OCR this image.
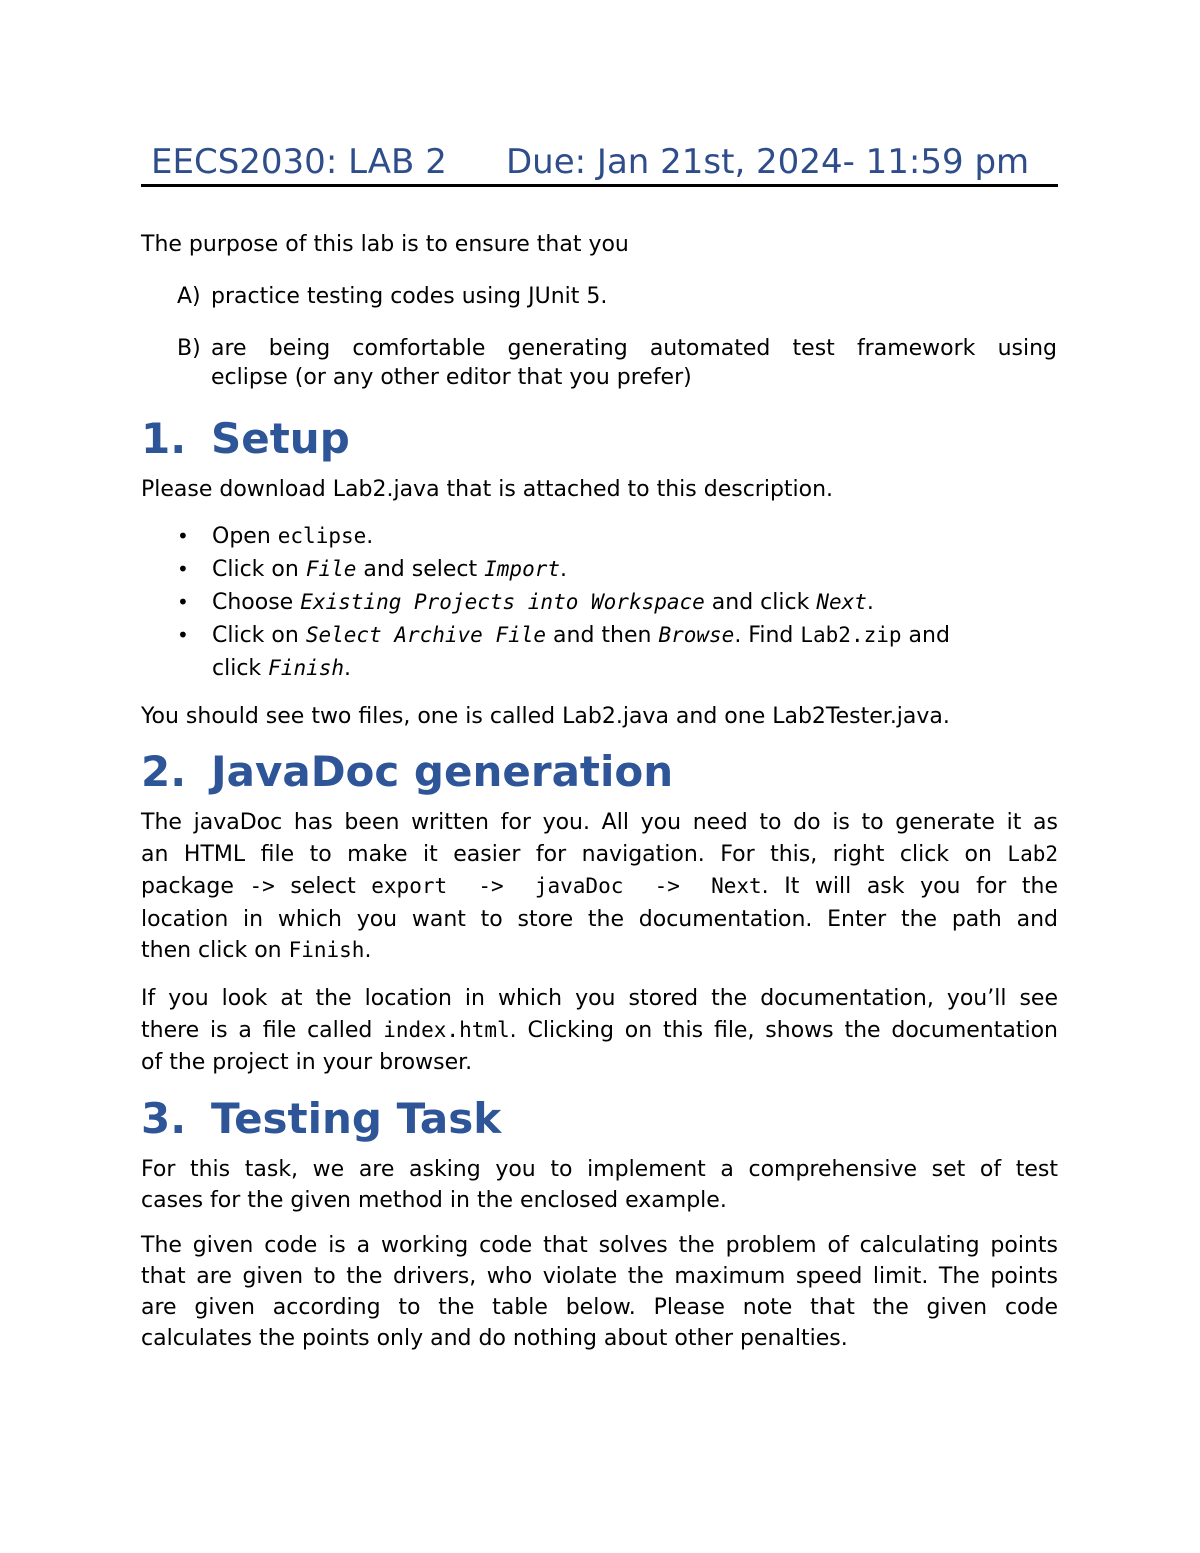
EECS2030: LAB 2 Due: Jan 21st, 2024- 11:59 pm
The purpose of this lab is to ensure that you
A) practice testing codes using JUnit 5.
B) are being comfortable generating automated test framework using
eclipse (or any other editor that you prefer)
1. Setup
Please download Lab2.java that is attached to this description.
• Open eclipse.
• Click on File and select Import.
• Choose Existing Projects into Workspace and click Next.
• Click on Select Archive File and then Browse. Find Lab2.zip and
click Finish.
You should see two files, one is called Lab2.java and one Lab2Tester.java.
2. JavaDoc generation
The javaDoc has been written for you. All you need to do is to generate it as
an HTML file to make it easier for navigation. For this, right click on Lab2
package -> select export -> javaDoc -> Next. It will ask you for the
location in which you want to store the documentation. Enter the path and
then click on Finish.
If you look at the location in which you stored the documentation, you’ll see
there is a file called index.html. Clicking on this file, shows the documentation
of the project in your browser.
3. Testing Task
For this task, we are asking you to implement a comprehensive set of test
cases for the given method in the enclosed example.
The given code is a working code that solves the problem of calculating points
that are given to the drivers, who violate the maximum speed limit. The points
are given according to the table below. Please note that the given code
calculates the points only and do nothing about other penalties.
